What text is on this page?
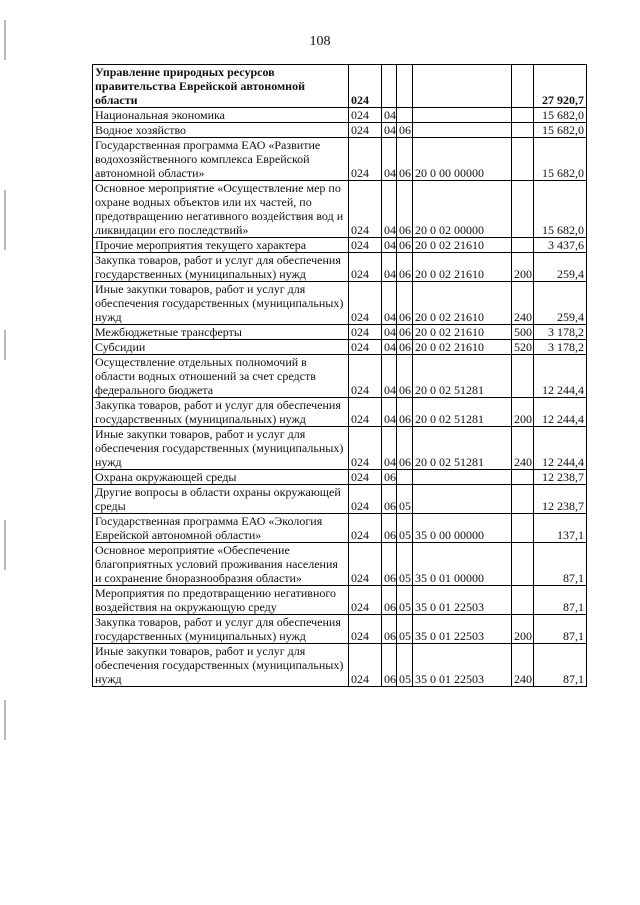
108
Управление природных ресурсов правительства Еврейской автономной области	024					27 920,7
Национальная экономика	024	04				15 682,0
Водное хозяйство	024	04	06			15 682,0
Государственная программа ЕАО «Развитие водохозяйственного комплекса Еврейской автономной области»	024	04	06	20 0 00 00000		15 682,0
Основное мероприятие «Осуществление мер по охране водных объектов или их частей, по предотвращению негативного воздействия вод и ликвидации его последствий»	024	04	06	20 0 02 00000		15 682,0
Прочие мероприятия текущего характера	024	04	06	20 0 02 21610		3 437,6
Закупка товаров, работ и услуг для обеспечения государственных (муниципальных) нужд	024	04	06	20 0 02 21610	200	259,4
Иные закупки товаров, работ и услуг для обеспечения государственных (муниципальных) нужд	024	04	06	20 0 02 21610	240	259,4
Межбюджетные трансферты	024	04	06	20 0 02 21610	500	3 178,2
Субсидии	024	04	06	20 0 02 21610	520	3 178,2
Осуществление отдельных полномочий в области водных отношений за счет средств федерального бюджета	024	04	06	20 0 02 51281		12 244,4
Закупка товаров, работ и услуг для обеспечения государственных (муниципальных) нужд	024	04	06	20 0 02 51281	200	12 244,4
Иные закупки товаров, работ и услуг для обеспечения государственных (муниципальных) нужд	024	04	06	20 0 02 51281	240	12 244,4
Охрана окружающей среды	024	06				12 238,7
Другие вопросы в области охраны окружающей среды	024	06	05			12 238,7
Государственная программа ЕАО «Экология Еврейской автономной области»	024	06	05	35 0 00 00000		137,1
Основное мероприятие «Обеспечение благоприятных условий проживания населения и сохранение биоразнообразия области»	024	06	05	35 0 01 00000		87,1
Мероприятия по предотвращению негативного воздействия на окружающую среду	024	06	05	35 0 01 22503		87,1
Закупка товаров, работ и услуг для обеспечения государственных (муниципальных) нужд	024	06	05	35 0 01 22503	200	87,1
Иные закупки товаров, работ и услуг для обеспечения государственных (муниципальных) нужд	024	06	05	35 0 01 22503	240	87,1
